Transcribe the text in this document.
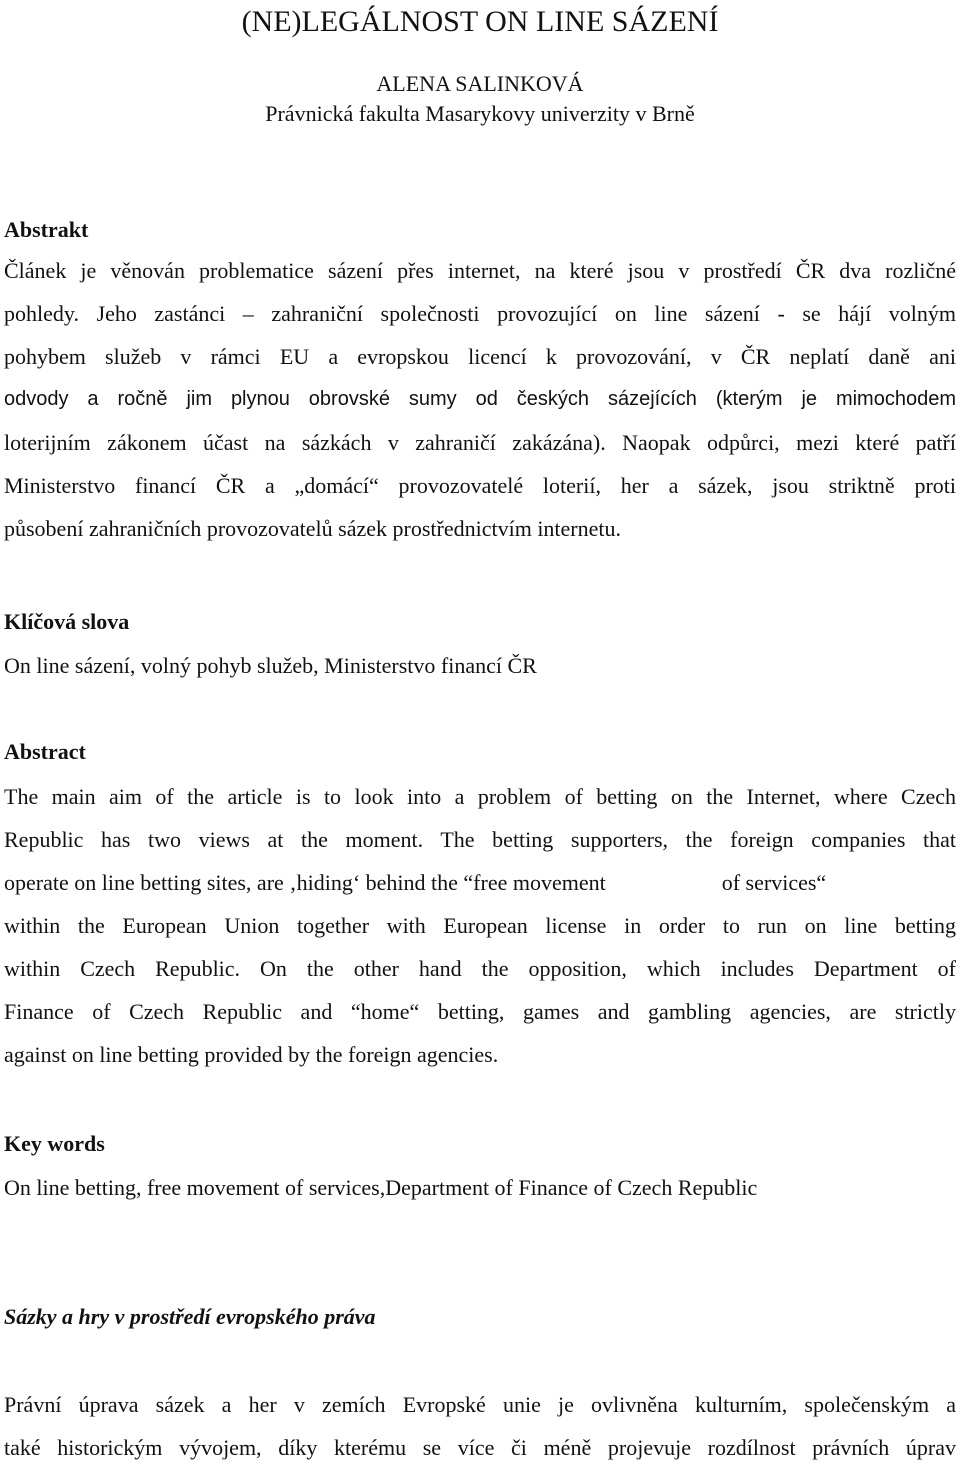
(NE)LEGÁLNOST ON LINE SÁZENÍ
ALENA SALINKOVÁ
Právnická fakulta Masarykovy univerzity v Brně
Abstrakt
Článek je věnován problematice sázení přes internet, na které jsou v prostředí ČR dva rozličné
pohledy. Jeho zastánci – zahraniční společnosti provozující on line sázení - se hájí volným
pohybem služeb v rámci EU a evropskou licencí k provozování, v ČR neplatí daně ani
odvody a ročně jim plynou obrovské sumy od českých sázejících (kterým je mimochodem
loterijním zákonem účast na sázkách v zahraničí zakázána). Naopak odpůrci, mezi které patří
Ministerstvo financí ČR a „domácí“ provozovatelé loterií, her a sázek, jsou striktně proti
působení zahraničních provozovatelů sázek prostřednictvím internetu.
Klíčová slova

On line sázení, volný pohyb služeb, Ministerstvo financí ČR

Abstract
The main aim of the article is to look into a problem of betting on the Internet, where Czech
Republic has two views at the moment. The betting supporters, the foreign companies that
operate on line betting sites, are ‚hiding‘ behind the “free movement	of services“
within the European Union together with European license in order to run on line betting
within Czech Republic. On the other hand the opposition, which includes Department of
Finance of Czech Republic and “home“ betting, games and gambling agencies, are strictly
against on line betting provided by the foreign agencies.
Key words

On line betting, free movement of services,Department of Finance of Czech Republic

Sázky a hry v prostředí evropského práva
Právní úprava sázek a her v zemích Evropské unie je ovlivněna kulturním, společenským a
také historickým vývojem, díky kterému se více či méně projevuje rozdílnost právních úprav
